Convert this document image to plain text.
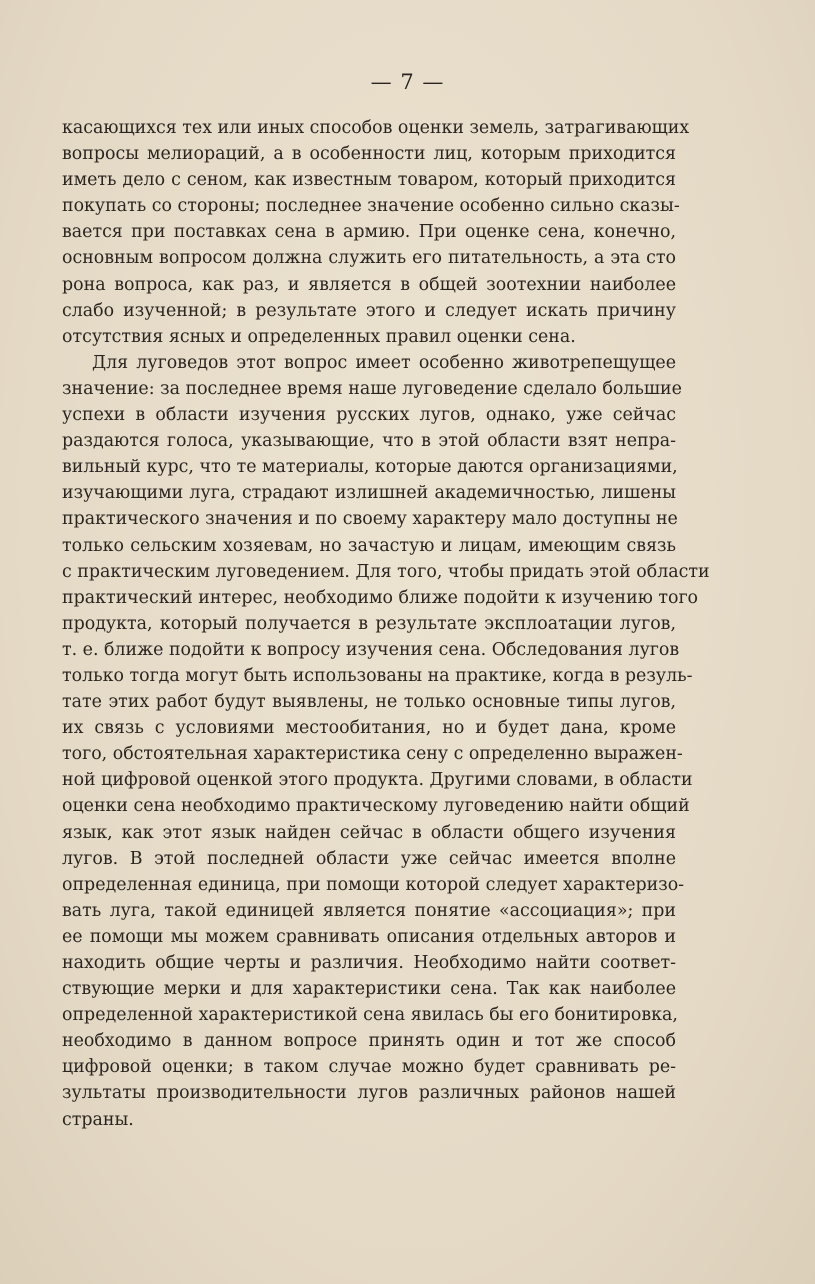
— 7 —

касающихся тех или иных способов оценки земель, затрагивающих
вопросы мелиораций, а в особенности лиц, которым приходится
иметь дело с сеном, как известным товаром, который приходится
покупать со стороны; последнее значение особенно сильно сказы-
вается при поставках сена в армию. При оценке сена, конечно,
основным вопросом должна служить его питательность, а эта сто
рона вопроса, как раз, и является в общей зоотехнии наиболее
слабо изученной; в результате этого и следует искать причину
отсутствия ясных и определенных правил оценки сена.

Для луговедов этот вопрос имеет особенно животрепещущее
значение: за последнее время наше луговедение сделало большие
успехи в области изучения русских лугов, однако, уже сейчас
раздаются голоса, указывающие, что в этой области взят непра-
вильный курс, что те материалы, которые даются организациями,
изучающими луга, страдают излишней академичностью, лишены
практического значения и по своему характеру мало доступны не
только сельским хозяевам, но зачастую и лицам, имеющим связь
с практическим луговедением. Для того, чтобы придать этой области
практический интерес, необходимо ближе подойти к изучению того
продукта, который получается в результате эксплоатации лугов,
т. е. ближе подойти к вопросу изучения сена. Обследования лугов
только тогда могут быть использованы на практике, когда в резуль-
тате этих работ будут выявлены, не только основные типы лугов,
их связь с условиями местообитания, но и будет дана, кроме
того, обстоятельная характеристика сену с определенно выражен-
ной цифровой оценкой этого продукта. Другими словами, в области
оценки сена необходимо практическому луговедению найти общий
язык, как этот язык найден сейчас в области общего изучения
лугов. В этой последней области уже сейчас имеется вполне
определенная единица, при помощи которой следует характеризо-
вать луга, такой единицей является понятие «ассоциация»; при
ее помощи мы можем сравнивать описания отдельных авторов и
находить общие черты и различия. Необходимо найти соответ-
ствующие мерки и для характеристики сена. Так как наиболее
определенной характеристикой сена явилась бы его бонитировка,
необходимо в данном вопросе принять один и тот же способ
цифровой оценки; в таком случае можно будет сравнивать ре-
зультаты производительности лугов различных районов нашей
страны.
